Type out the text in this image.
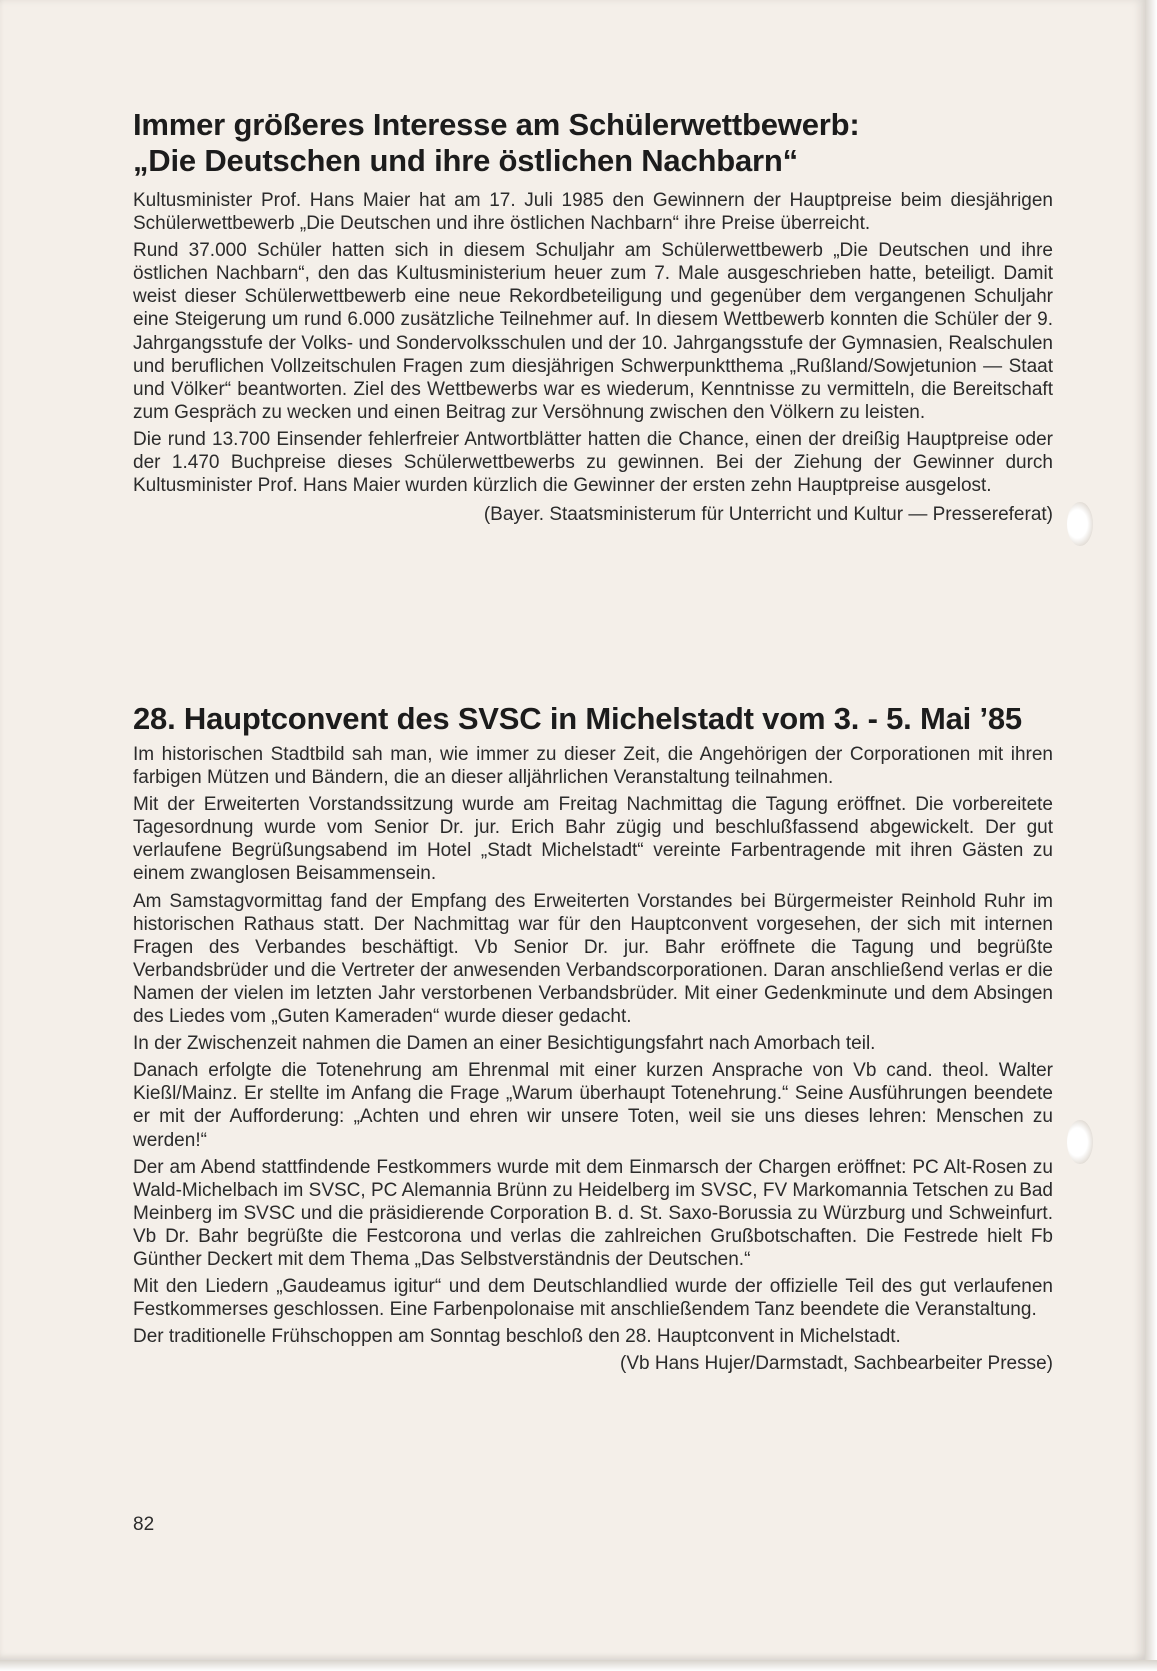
Immer größeres Interesse am Schülerwettbewerb:
„Die Deutschen und ihre östlichen Nachbarn“

Kultusminister Prof. Hans Maier hat am 17. Juli 1985 den Gewinnern der Hauptpreise beim diesjährigen Schülerwettbewerb „Die Deutschen und ihre östlichen Nachbarn“ ihre Preise überreicht.

Rund 37.000 Schüler hatten sich in diesem Schuljahr am Schülerwettbewerb „Die Deutschen und ihre östlichen Nachbarn“, den das Kultusministerium heuer zum 7. Male ausgeschrieben hatte, beteiligt. Damit weist dieser Schülerwettbewerb eine neue Rekordbeteiligung und gegenüber dem vergangenen Schuljahr eine Steigerung um rund 6.000 zusätzliche Teilnehmer auf. In diesem Wettbewerb konnten die Schüler der 9. Jahrgangsstufe der Volks- und Sondervolksschulen und der 10. Jahrgangsstufe der Gymnasien, Realschulen und beruflichen Vollzeitschulen Fragen zum diesjährigen Schwerpunktthema „Rußland/Sowjetunion — Staat und Völker“ beantworten. Ziel des Wettbewerbs war es wiederum, Kenntnisse zu vermitteln, die Bereitschaft zum Gespräch zu wecken und einen Beitrag zur Versöhnung zwischen den Völkern zu leisten.

Die rund 13.700 Einsender fehlerfreier Antwortblätter hatten die Chance, einen der dreißig Hauptpreise oder der 1.470 Buchpreise dieses Schülerwettbewerbs zu gewinnen. Bei der Ziehung der Gewinner durch Kultusminister Prof. Hans Maier wurden kürzlich die Gewinner der ersten zehn Hauptpreise ausgelost.

(Bayer. Staatsministerum für Unterricht und Kultur — Pressereferat)
28. Hauptconvent des SVSC in Michelstadt vom 3. - 5. Mai ’85

Im historischen Stadtbild sah man, wie immer zu dieser Zeit, die Angehörigen der Corporationen mit ihren farbigen Mützen und Bändern, die an dieser alljährlichen Veranstaltung teilnahmen.

Mit der Erweiterten Vorstandssitzung wurde am Freitag Nachmittag die Tagung eröffnet. Die vorbereitete Tagesordnung wurde vom Senior Dr. jur. Erich Bahr zügig und beschlußfassend abgewickelt. Der gut verlaufene Begrüßungsabend im Hotel „Stadt Michelstadt“ vereinte Farbentragende mit ihren Gästen zu einem zwanglosen Beisammensein.

Am Samstagvormittag fand der Empfang des Erweiterten Vorstandes bei Bürgermeister Reinhold Ruhr im historischen Rathaus statt. Der Nachmittag war für den Hauptconvent vorgesehen, der sich mit internen Fragen des Verbandes beschäftigt. Vb Senior Dr. jur. Bahr eröffnete die Tagung und begrüßte Verbandsbrüder und die Vertreter der anwesenden Verbandscorporationen. Daran anschließend verlas er die Namen der vielen im letzten Jahr verstorbenen Verbandsbrüder. Mit einer Gedenkminute und dem Absingen des Liedes vom „Guten Kameraden“ wurde dieser gedacht.

In der Zwischenzeit nahmen die Damen an einer Besichtigungsfahrt nach Amorbach teil.

Danach erfolgte die Totenehrung am Ehrenmal mit einer kurzen Ansprache von Vb cand. theol. Walter Kießl/Mainz. Er stellte im Anfang die Frage „Warum überhaupt Totenehrung.“ Seine Ausführungen beendete er mit der Aufforderung: „Achten und ehren wir unsere Toten, weil sie uns dieses lehren: Menschen zu werden!“

Der am Abend stattfindende Festkommers wurde mit dem Einmarsch der Chargen eröffnet: PC Alt-Rosen zu Wald-Michelbach im SVSC, PC Alemannia Brünn zu Heidelberg im SVSC, FV Markomannia Tetschen zu Bad Meinberg im SVSC und die präsidierende Corporation B. d. St. Saxo-Borussia zu Würzburg und Schweinfurt. Vb Dr. Bahr begrüßte die Festcorona und verlas die zahlreichen Grußbotschaften. Die Festrede hielt Fb Günther Deckert mit dem Thema „Das Selbstverständnis der Deutschen.“

Mit den Liedern „Gaudeamus igitur“ und dem Deutschlandlied wurde der offizielle Teil des gut verlaufenen Festkommerses geschlossen. Eine Farbenpolonaise mit anschließendem Tanz beendete die Veranstaltung.

Der traditionelle Frühschoppen am Sonntag beschloß den 28. Hauptconvent in Michelstadt.

(Vb Hans Hujer/Darmstadt, Sachbearbeiter Presse)
82
